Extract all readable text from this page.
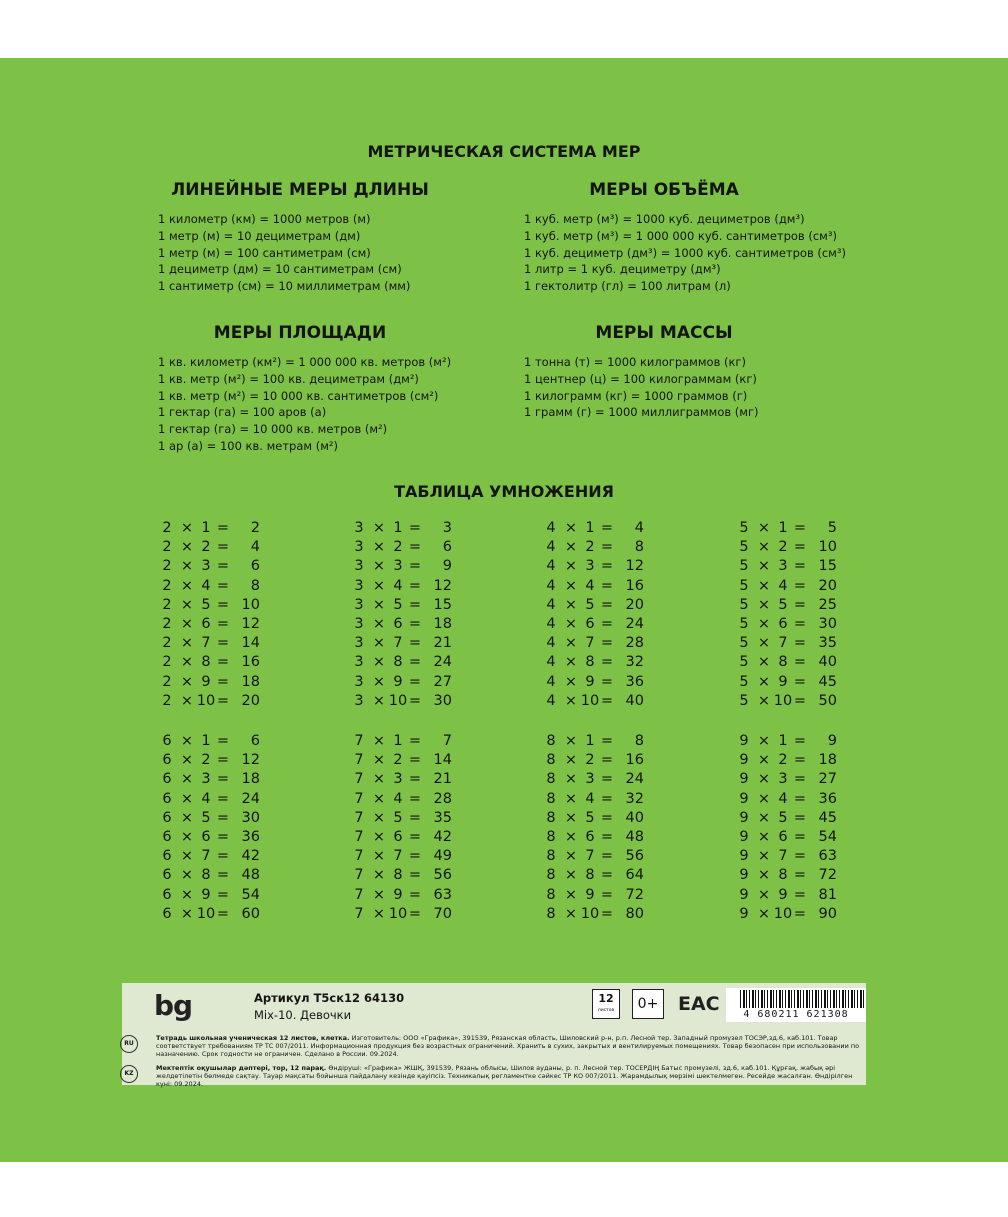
МЕТРИЧЕСКАЯ СИСТЕМА МЕР
ЛИНЕЙНЫЕ МЕРЫ ДЛИНЫ
1 километр (км) = 1000 метров (м)
1 метр (м) = 10 дециметрам (дм)
1 метр (м) = 100 сантиметрам (см)
1 дециметр (дм) = 10 сантиметрам (см)
1 сантиметр (см) = 10 миллиметрам (мм)
МЕРЫ ОБЪЁМА
1 куб. метр (м³) = 1000 куб. дециметров (дм³)
1 куб. метр (м³) = 1 000 000 куб. сантиметров (см³)
1 куб. дециметр (дм³) = 1000 куб. сантиметров (см³)
1 литр = 1 куб. дециметру (дм³)
1 гектолитр (гл) = 100 литрам (л)
МЕРЫ ПЛОЩАДИ
1 кв. километр (км²) = 1 000 000 кв. метров (м²)
1 кв. метр (м²) = 100 кв. дециметрам (дм²)
1 кв. метр (м²) = 10 000 кв. сантиметров (см²)
1 гектар (га) = 100 аров (а)
1 гектар (га) = 10 000 кв. метров (м²)
1 ар (а) = 100 кв. метрам (м²)
МЕРЫ МАССЫ
1 тонна (т) = 1000 килограммов (кг)
1 центнер (ц) = 100 килограммам (кг)
1 килограмм (кг) = 1000 граммов (г)
1 грамм (г) = 1000 миллиграммов (мг)
ТАБЛИЦА УМНОЖЕНИЯ
2 × 1 =	2
2 × 2 =	4
2 × 3 =	6
2 × 4 =	8
2 × 5 = 10
2 × 6 = 12
2 × 7 = 14
2 × 8 = 16
2 × 9 = 18
2 × 10 = 20
3 × 1 =	3
3 × 2 =	6
3 × 3 =	9
3 × 4 = 12
3 × 5 = 15
3 × 6 = 18
3 × 7 = 21
3 × 8 = 24
3 × 9 = 27
3 × 10 = 30
4 × 1 =	4
4 × 2 =	8
4 × 3 = 12
4 × 4 = 16
4 × 5 = 20
4 × 6 = 24
4 × 7 = 28
4 × 8 = 32
4 × 9 = 36
4 × 10 = 40
5 × 1 =	5
5 × 2 = 10
5 × 3 = 15
5 × 4 = 20
5 × 5 = 25
5 × 6 = 30
5 × 7 = 35
5 × 8 = 40
5 × 9 = 45
5 × 10 = 50
6 × 1 =	6
6 × 2 = 12
6 × 3 = 18
6 × 4 = 24
6 × 5 = 30
6 × 6 = 36
6 × 7 = 42
6 × 8 = 48
6 × 9 = 54
6 × 10 = 60
7 × 1 =	7
7 × 2 = 14
7 × 3 = 21
7 × 4 = 28
7 × 5 = 35
7 × 6 = 42
7 × 7 = 49
7 × 8 = 56
7 × 9 = 63
7 × 10 = 70
8 × 1 =	8
8 × 2 = 16
8 × 3 = 24
8 × 4 = 32
8 × 5 = 40
8 × 6 = 48
8 × 7 = 56
8 × 8 = 64
8 × 9 = 72
8 × 10 = 80
9 × 1 =	9
9 × 2 = 18
9 × 3 = 27
9 × 4 = 36
9 × 5 = 45
9 × 6 = 54
9 × 7 = 63
9 × 8 = 72
9 × 9 = 81
9 × 10 = 90
bg	Артикул Т5ск12 64130
Mix-10. Девочки
12
листов	0+ EAC	4 680211 621308
RU
Тетрадь школьная ученическая 12 листов, клетка. Изготовитель: ООО «Графика», 391539, Рязанская область, Шиловский р-н, р.п. Лесной тер. Западный промузел ТОСЭР,зд.6, каб.101. Товар соответствует требованиям ТР ТС 007/2011. Информационная продукция без возрастных ограничений. Хранить в сухих, закрытых и вентилируемых помещениях. Товар безопасен при использовании по назначению. Срок годности не ограничен. Сделано в России. 09.2024.
KZ
Мектептік оқушылар дәптері, тор, 12 парақ. Өндіруші: «Графика» ЖШҚ, 391539, Рязань облысы, Шилов ауданы, р. п. Лесной тер. ТОСЕРДІҢ Батыс промузелі, зд.6, каб.101. Құрғақ, жабық әрі желдетілетін бөлмеде сақтау. Тауар мақсаты бойынша пайдалану кезінде қауіпсіз. Техникалық регламентке сәйкес ТР КО 007/2011. Жарамдылық мерзімі шектелмеген. Ресейде жасалған. Өндірілген күні: 09.2024.
